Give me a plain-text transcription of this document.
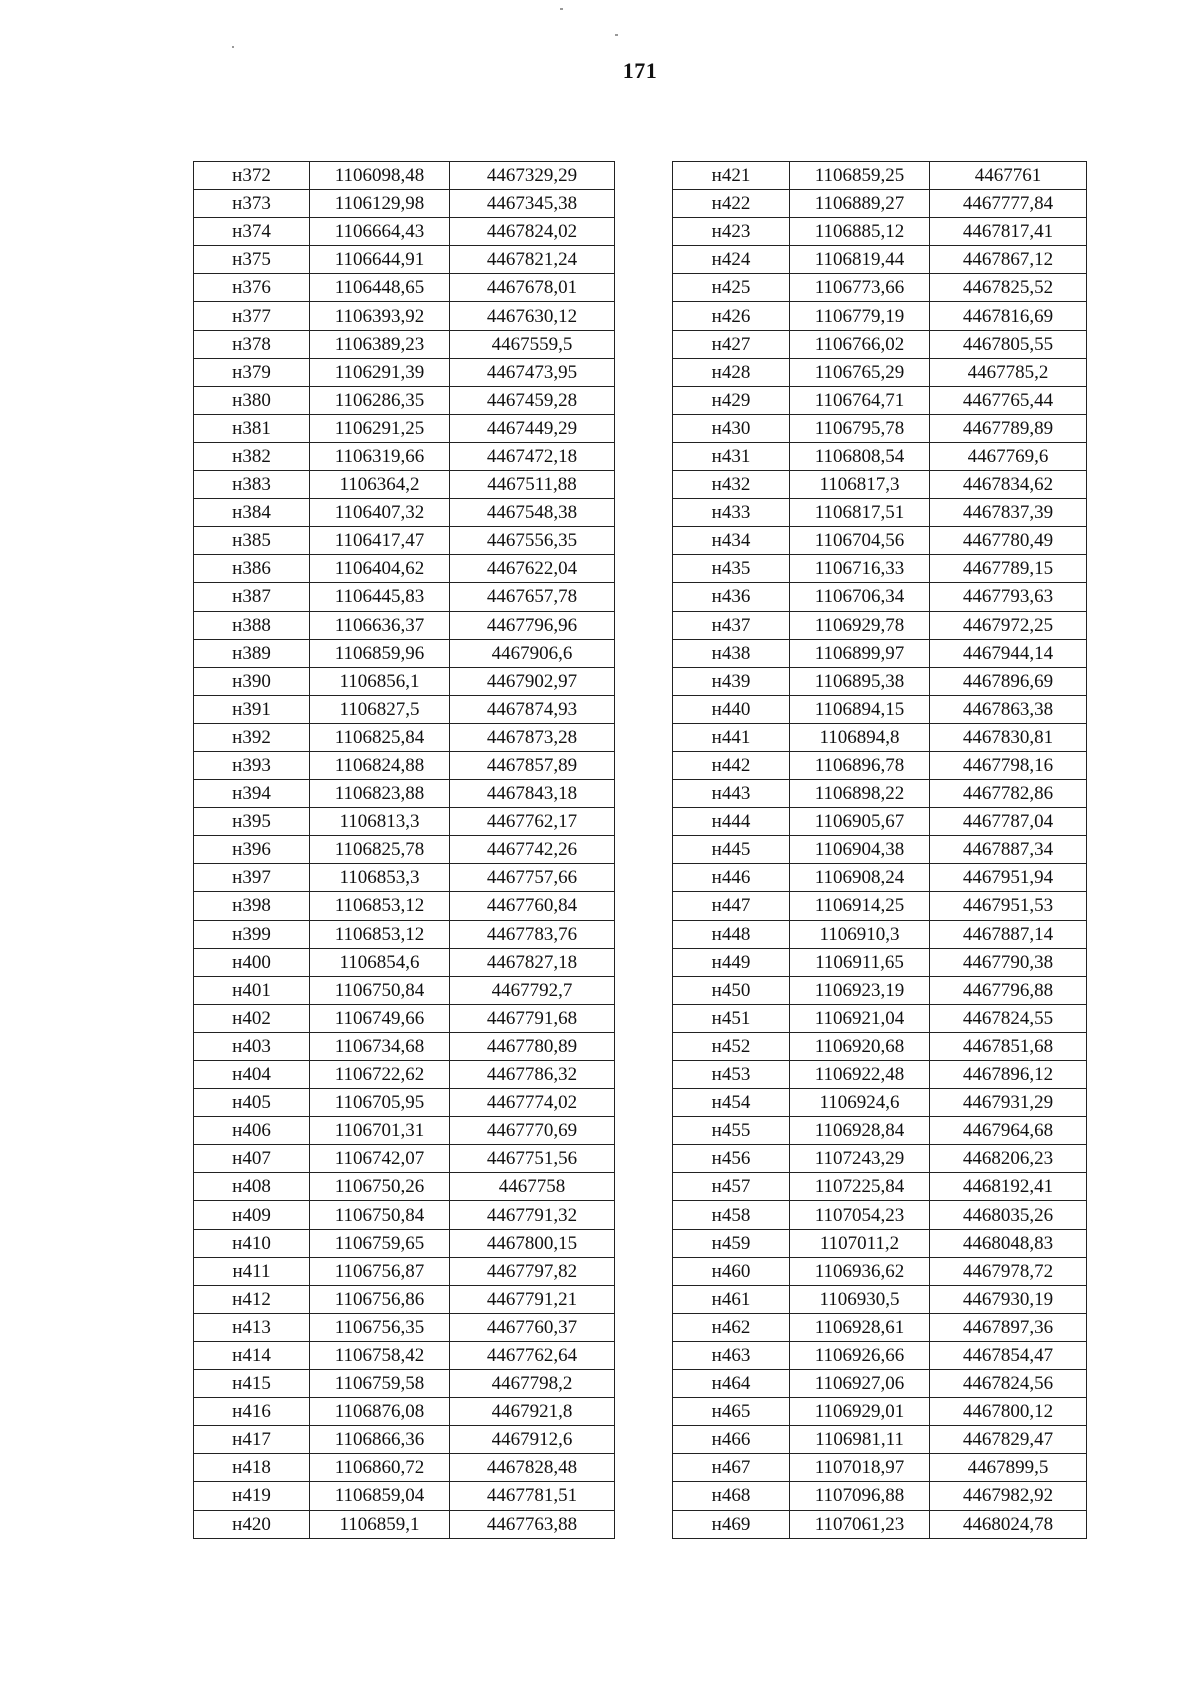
171
н372	1106098,48	4467329,29
н373	1106129,98	4467345,38
н374	1106664,43	4467824,02
н375	1106644,91	4467821,24
н376	1106448,65	4467678,01
н377	1106393,92	4467630,12
н378	1106389,23	4467559,5
н379	1106291,39	4467473,95
н380	1106286,35	4467459,28
н381	1106291,25	4467449,29
н382	1106319,66	4467472,18
н383	1106364,2	4467511,88
н384	1106407,32	4467548,38
н385	1106417,47	4467556,35
н386	1106404,62	4467622,04
н387	1106445,83	4467657,78
н388	1106636,37	4467796,96
н389	1106859,96	4467906,6
н390	1106856,1	4467902,97
н391	1106827,5	4467874,93
н392	1106825,84	4467873,28
н393	1106824,88	4467857,89
н394	1106823,88	4467843,18
н395	1106813,3	4467762,17
н396	1106825,78	4467742,26
н397	1106853,3	4467757,66
н398	1106853,12	4467760,84
н399	1106853,12	4467783,76
н400	1106854,6	4467827,18
н401	1106750,84	4467792,7
н402	1106749,66	4467791,68
н403	1106734,68	4467780,89
н404	1106722,62	4467786,32
н405	1106705,95	4467774,02
н406	1106701,31	4467770,69
н407	1106742,07	4467751,56
н408	1106750,26	4467758
н409	1106750,84	4467791,32
н410	1106759,65	4467800,15
н411	1106756,87	4467797,82
н412	1106756,86	4467791,21
н413	1106756,35	4467760,37
н414	1106758,42	4467762,64
н415	1106759,58	4467798,2
н416	1106876,08	4467921,8
н417	1106866,36	4467912,6
н418	1106860,72	4467828,48
н419	1106859,04	4467781,51
н420	1106859,1	4467763,88
н421	1106859,25	4467761
н422	1106889,27	4467777,84
н423	1106885,12	4467817,41
н424	1106819,44	4467867,12
н425	1106773,66	4467825,52
н426	1106779,19	4467816,69
н427	1106766,02	4467805,55
н428	1106765,29	4467785,2
н429	1106764,71	4467765,44
н430	1106795,78	4467789,89
н431	1106808,54	4467769,6
н432	1106817,3	4467834,62
н433	1106817,51	4467837,39
н434	1106704,56	4467780,49
н435	1106716,33	4467789,15
н436	1106706,34	4467793,63
н437	1106929,78	4467972,25
н438	1106899,97	4467944,14
н439	1106895,38	4467896,69
н440	1106894,15	4467863,38
н441	1106894,8	4467830,81
н442	1106896,78	4467798,16
н443	1106898,22	4467782,86
н444	1106905,67	4467787,04
н445	1106904,38	4467887,34
н446	1106908,24	4467951,94
н447	1106914,25	4467951,53
н448	1106910,3	4467887,14
н449	1106911,65	4467790,38
н450	1106923,19	4467796,88
н451	1106921,04	4467824,55
н452	1106920,68	4467851,68
н453	1106922,48	4467896,12
н454	1106924,6	4467931,29
н455	1106928,84	4467964,68
н456	1107243,29	4468206,23
н457	1107225,84	4468192,41
н458	1107054,23	4468035,26
н459	1107011,2	4468048,83
н460	1106936,62	4467978,72
н461	1106930,5	4467930,19
н462	1106928,61	4467897,36
н463	1106926,66	4467854,47
н464	1106927,06	4467824,56
н465	1106929,01	4467800,12
н466	1106981,11	4467829,47
н467	1107018,97	4467899,5
н468	1107096,88	4467982,92
н469	1107061,23	4468024,78
